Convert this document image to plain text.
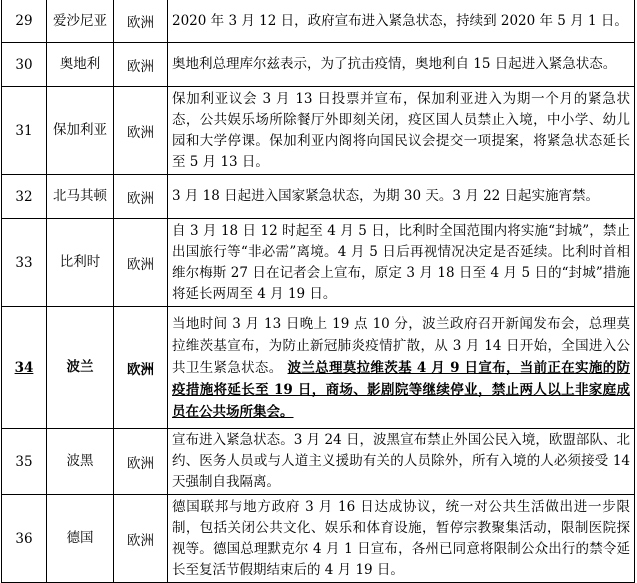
29	爱沙尼亚	欧洲	2020 年 3 月 12 日，政府宣布进入紧急状态，持续到 2020 年 5 月 1 日。
30	奥地利	欧洲	奥地利总理库尔兹表示，为了抗击疫情，奥地利自 15 日起进入紧急状态。
31	保加利亚	欧洲	保加利亚议会 3 月 13 日投票并宣布，保加利亚进入为期一个月的紧急状态，公共娱乐场所除餐厅外即刻关闭，疫区国人员禁止入境，中小学、幼儿园和大学停课。保加利亚内阁将向国民议会提交一项提案，将紧急状态延长至 5 月 13 日。
32	北马其顿	欧洲	3 月 18 日起进入国家紧急状态，为期 30 天。3 月 22 日起实施宵禁。
33	比利时	欧洲	自 3 月 18 日 12 时起至 4 月 5 日，比利时全国范围内将实施“封城”，禁止出国旅行等“非必需”离境。4 月 5 日后再视情况决定是否延续。比利时首相维尔梅斯 27 日在记者会上宣布，原定 3 月 18 日至 4 月 5 日的“封城”措施将延长两周至 4 月 19 日。
34	波兰	欧洲	当地时间 3 月 13 日晚上 19 点 10 分，波兰政府召开新闻发布会，总理莫拉维茨基宣布，为防止新冠肺炎疫情扩散，从 3 月 14 日开始，全国进入公共卫生紧急状态。 波兰总理莫拉维茨基 4 月 9 日宣布，当前正在实施的防疫措施将延长至 19 日，商场、影剧院等继续停业，禁止两人以上非家庭成员在公共场所集会。
35	波黑	欧洲	宣布进入紧急状态。3 月 24 日，波黑宣布禁止外国公民入境，欧盟部队、北约、医务人员或与人道主义援助有关的人员除外，所有入境的人必须接受 14 天强制自我隔离。
36	德国	欧洲	德国联邦与地方政府 3 月 16 日达成协议，统一对公共生活做出进一步限制，包括关闭公共文化、娱乐和体育设施，暂停宗教聚集活动，限制医院探视等。德国总理默克尔 4 月 1 日宣布，各州已同意将限制公众出行的禁令延长至复活节假期结束后的 4 月 19 日。
